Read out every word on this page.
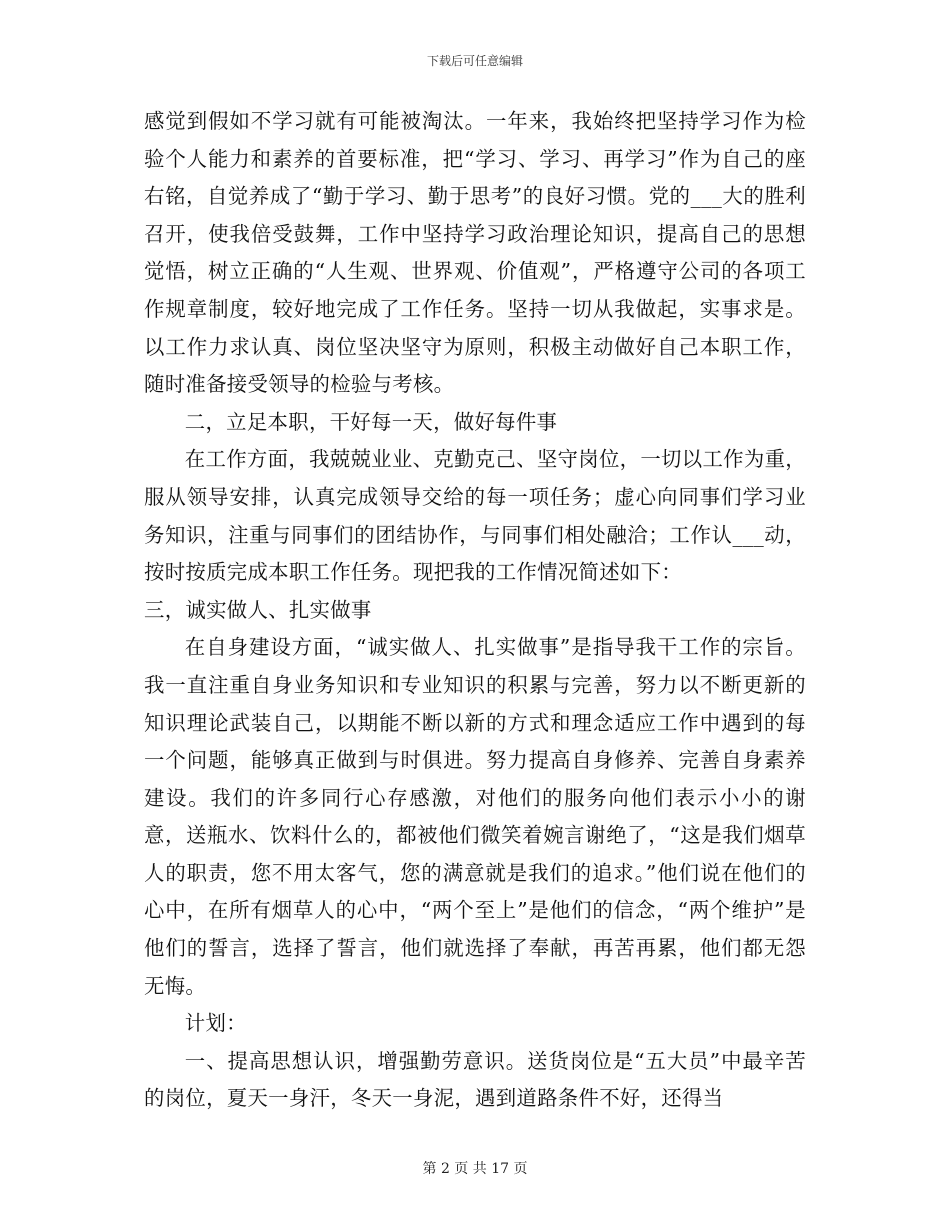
下载后可任意编辑

感觉到假如不学习就有可能被淘汰。一年来，我始终把坚持学习作为检验个人能力和素养的首要标准，把“学习、学习、再学习”作为自己的座右铭，自觉养成了“勤于学习、勤于思考”的良好习惯。党的___大的胜利召开，使我倍受鼓舞，工作中坚持学习政治理论知识，提高自己的思想觉悟，树立正确的“人生观、世界观、价值观”，严格遵守公司的各项工作规章制度，较好地完成了工作任务。坚持一切从我做起，实事求是。以工作力求认真、岗位坚决坚守为原则，积极主动做好自己本职工作，随时准备接受领导的检验与考核。

二，立足本职，干好每一天，做好每件事

在工作方面，我兢兢业业、克勤克己、坚守岗位，一切以工作为重，服从领导安排，认真完成领导交给的每一项任务；虚心向同事们学习业务知识，注重与同事们的团结协作，与同事们相处融洽；工作认___动，按时按质完成本职工作任务。现把我的工作情况简述如下：

三，诚实做人、扎实做事

在自身建设方面，“诚实做人、扎实做事”是指导我干工作的宗旨。我一直注重自身业务知识和专业知识的积累与完善，努力以不断更新的知识理论武装自己，以期能不断以新的方式和理念适应工作中遇到的每一个问题，能够真正做到与时俱进。努力提高自身修养、完善自身素养建设。我们的许多同行心存感激，对他们的服务向他们表示小小的谢意，送瓶水、饮料什么的，都被他们微笑着婉言谢绝了，“这是我们烟草人的职责，您不用太客气，您的满意就是我们的追求。”他们说在他们的心中，在所有烟草人的心中，“两个至上”是他们的信念，“两个维护”是他们的誓言，选择了誓言，他们就选择了奉献，再苦再累，他们都无怨无悔。

计划：

一、提高思想认识，增强勤劳意识。送货岗位是“五大员”中最辛苦的岗位，夏天一身汗，冬天一身泥，遇到道路条件不好，还得当

第 2 页 共 17 页
